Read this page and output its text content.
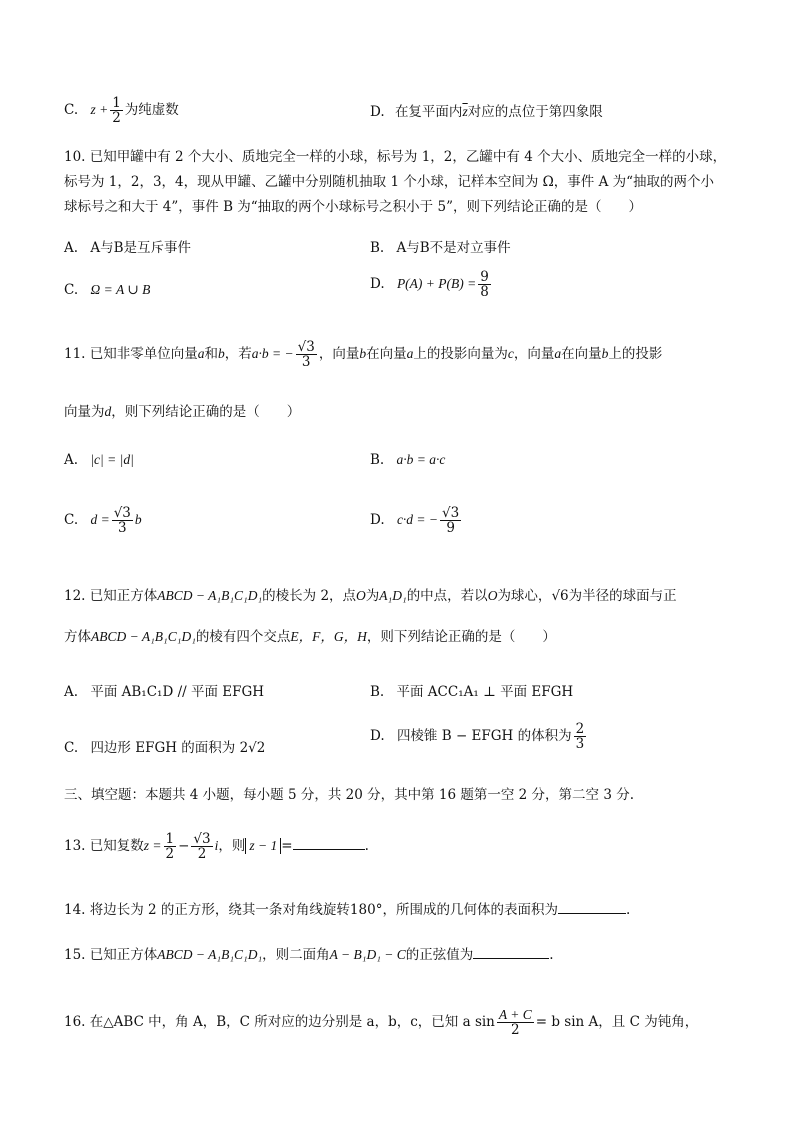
C. $z + \frac{1}{2}$ 为纯虚数	D. 在复平面内$\overline{z}$对应的点位于第四象限
10. 已知甲罐中有 2 个大小、质地完全一样的小球，标号为 1，2，乙罐中有 4 个大小、质地完全一样的小球，
标号为 1，2，3，4，现从甲罐、乙罐中分别随机抽取 1 个小球，记样本空间为 Ω，事件 A 为“抽取的两个小
球标号之和大于 4”，事件 B 为“抽取的两个小球标号之积小于 5”，则下列结论正确的是（　　）
A. A与B是互斥事件	B. A与B不是对立事件
C. Ω = A ∪ B	D. $P(A) + P(B) = \frac{9}{8}$
11. 已知非零单位向量a和b，若a·b = − $\frac{√3}{3}$ ，向量b在向量a上的投影向量为c，向量a在向量b上的投影
向量为d，则下列结论正确的是（　　）
A. |c| = |d|	B. a·b = a·c
C. $d = \frac{√3}{3}$ b	D. c·d = − $\frac{√3}{9}$
12. 已知正方体ABCD − A₁B₁C₁D₁的棱长为 2，点O为A₁D₁的中点，若以O为球心，√6为半径的球面与正
方体ABCD − A₁B₁C₁D₁的棱有四个交点E，F，G，H，则下列结论正确的是（　　）
A. 平面 AB₁C₁D // 平面 EFGH	B. 平面 ACC₁A₁ ⊥ 平面 EFGH
C. 四边形 EFGH 的面积为 2√2
D. 四棱锥 B − EFGH 的体积为 $\frac{2}{3}$
三、填空题：本题共 4 小题，每小题 5 分，共 20 分，其中第 16 题第一空 2 分，第二空 3 分.
13. 已知复数$z = \frac{1}{2} - \frac{√3}{2}$ i，则 z − 1 =	.
14. 将边长为 2 的正方形，绕其一条对角线旋转180°，所围成的几何体的表面积为	.
15. 已知正方体ABCD − A₁B₁C₁D₁，则二面角A − B₁D₁ − C的正弦值为	.
16. 在△ABC 中，角 A，B，C 所对应的边分别是 a，b，c，已知 a $\sin \frac{A + C}{2} = b$ sin A，且 C 为钝角，
